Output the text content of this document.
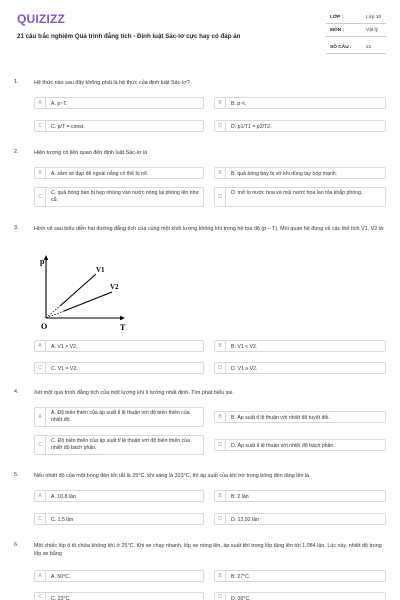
QUIZIZZ
21 câu trắc nghiệm Quá trình đẳng tích - Định luật Sác-lơ cực hay có đáp án
LỚP :	Lớp 10
MÔN :	Vật lý
SỐ CÂU :	21
1.	Hệ thức nào sau đây không phải là hệ thức của định luật Sác-lơ?
A	A. p~T.	B	B. p~t.
C	C. p/T = const.	D	D. p1/T1 = p2/T2.
2.	Hiện tượng có liên quan đến định luật Sác-lơ là
A	A. săm xe đạp để ngoài nắng có thể bị nổ.	B	B. quả bóng bay bị vỡ khi dùng tay bóp mạnh.
C
C. quả bóng bàn bị bẹp nhúng vào nước nóng lại phồng lên như cũ.	D
D. mở lọ nước hoa và mùi nước hoa lan tỏa khắp phòng.
3.	Hình vẽ sau biểu diễn hai đường đẳng tích của cùng một khối lượng không khí trong hệ tọa độ (p – T). Mối quan hệ đúng về các thể tích V1, V2 là:
p
T
O
V1
V2
A	A. V1 > V2.	B	B. V1 < V2.
C	C. V1 = V2.	D	D. V1 ≥ V2.
4.	Xét một quá trình đẳng tích của một lượng khí lí tưởng nhất định. Tìm phát biểu sai.
A
A. Độ biến thiên của áp suất tỉ lệ thuận với độ biến thiên của nhiệt độ.	B	B. Áp suất tỉ lệ thuận với nhiệt độ tuyệt đối.
C
C. Độ biến thiên của áp suất tỉ lệ thuận với độ biến thiên của nhiệt độ bách phân.	D	D. Áp suất tỉ lệ thuận với nhiệt độ bách phân.
5.	Nếu nhiệt độ của một bóng đèn khi tắt là 25°C, khi sáng là 323°C, thì áp suất của khí trơ trong bóng đèn tăng lên là
A	A. 10,8 lần	B	B. 2 lần
C	C. 1,5 lần	D	D. 12,92 lần
6.	Một chiếc lốp ô tô chứa không khí ở 25°C. Khi xe chạy nhanh, lốp xe nóng lên, áp suất khí trong lốp tăng lên tới 1,084 lần. Lúc này, nhiệt độ trong lốp xe bằng
A	A. 50°C.	B	B. 27°C.
C	C. 23°C.	D	D. 30°C.
